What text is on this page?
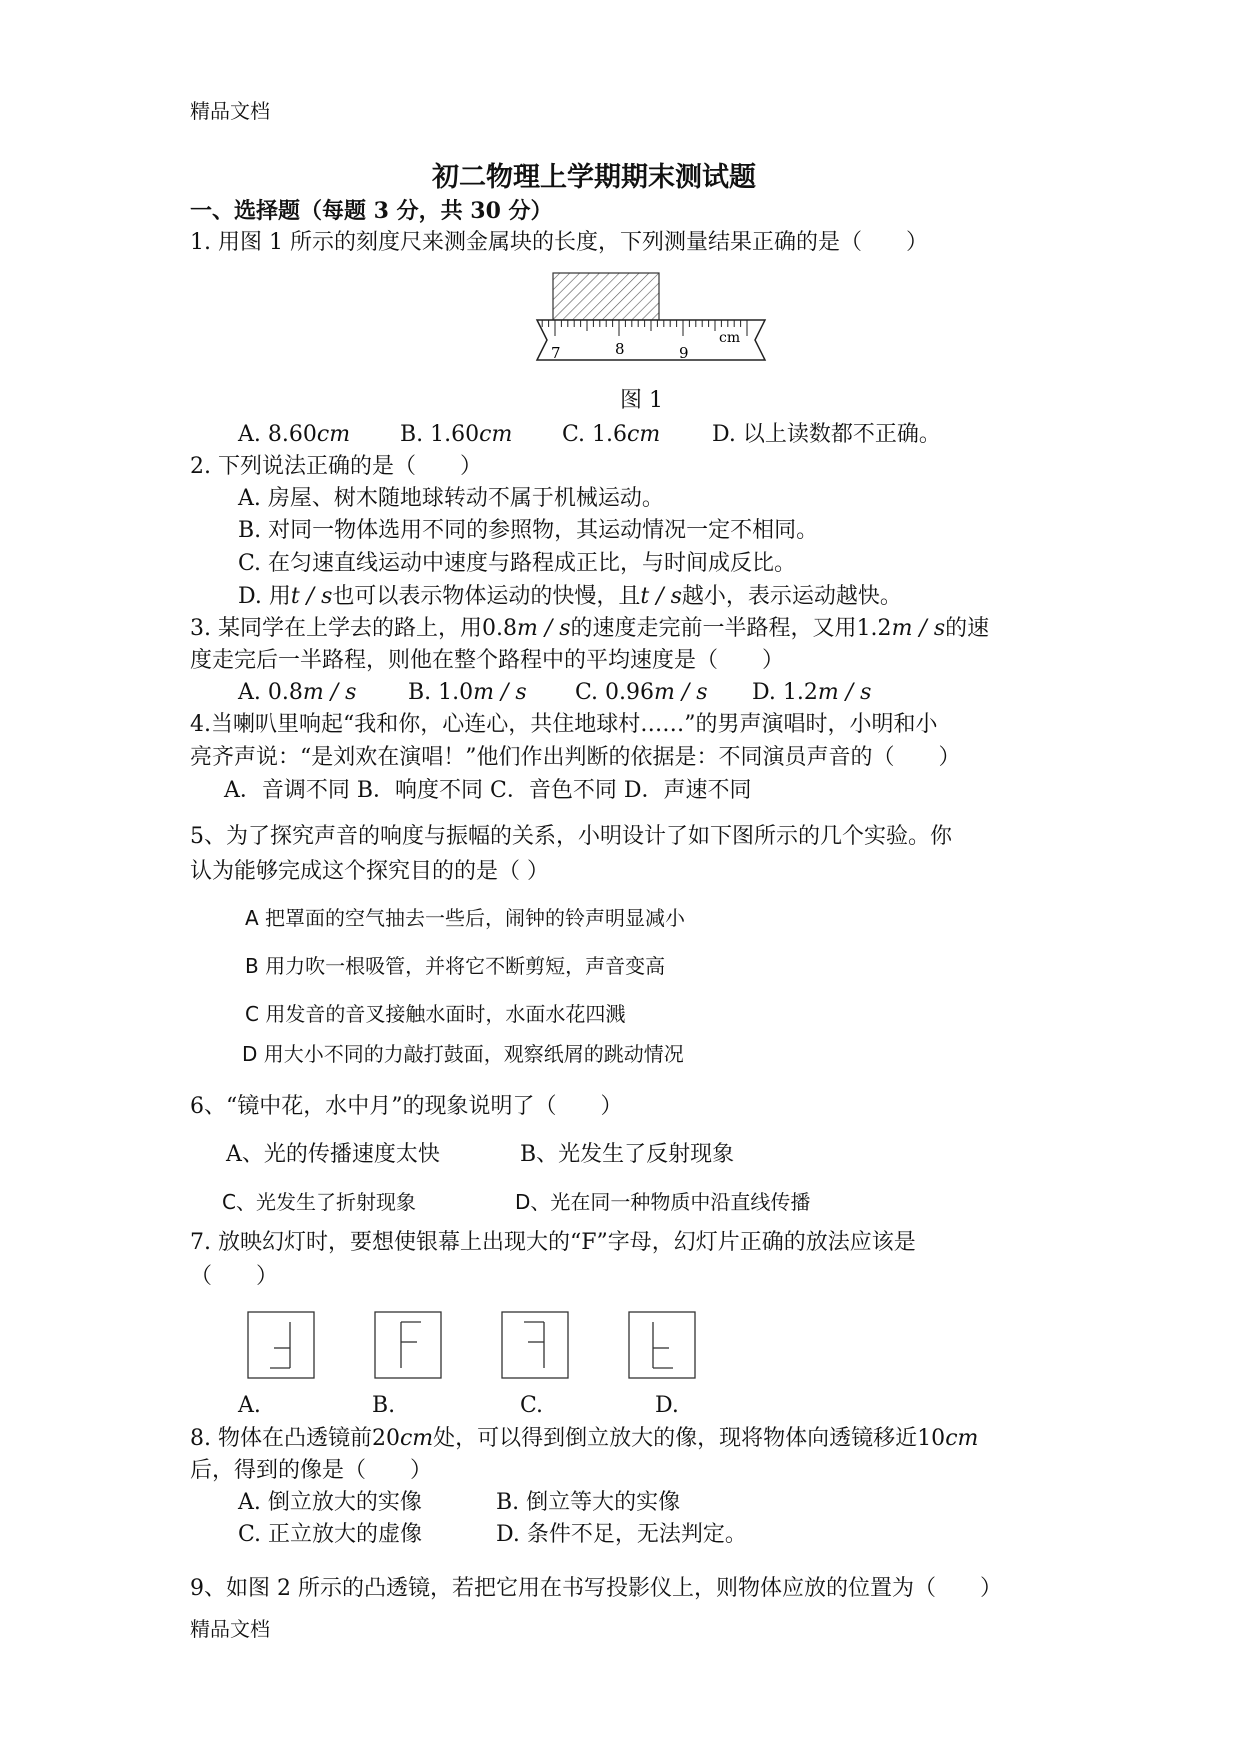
精品文档
初二物理上学期期末测试题
一、选择题（每题 3 分，共 30 分）
1. 用图 1 所示的刻度尺来测金属块的长度，下列测量结果正确的是（　　）
7	8	9
cm
图 1
A. 8.60cm B. 1.60cm C. 1.6cm D. 以上读数都不正确。
2. 下列说法正确的是（　　）
A. 房屋、树木随地球转动不属于机械运动。
B. 对同一物体选用不同的参照物，其运动情况一定不相同。
C. 在匀速直线运动中速度与路程成正比，与时间成反比。
D. 用t / s也可以表示物体运动的快慢，且t / s越小，表示运动越快。
3. 某同学在上学去的路上，用0.8m / s的速度走完前一半路程，又用1.2m / s的速
度走完后一半路程，则他在整个路程中的平均速度是（　　）
A. 0.8m / s B. 1.0m / s C. 0.96m / s D. 1.2m / s
4.当喇叭里响起“我和你，心连心，共住地球村……”的男声演唱时，小明和小
亮齐声说：“是刘欢在演唱！”他们作出判断的依据是：不同演员声音的（　　）
A．音调不同 B．响度不同 C．音色不同 D．声速不同
5、为了探究声音的响度与振幅的关系，小明设计了如下图所示的几个实验。你
认为能够完成这个探究目的的是（ ）
A 把罩面的空气抽去一些后，闹钟的铃声明显减小
B 用力吹一根吸管，并将它不断剪短，声音变高
C 用发音的音叉接触水面时，水面水花四溅
D 用大小不同的力敲打鼓面，观察纸屑的跳动情况
6、“镜中花，水中月”的现象说明了（　　）
A、光的传播速度太快	B、光发生了反射现象
C、光发生了折射现象	D、光在同一种物质中沿直线传播
7. 放映幻灯时，要想使银幕上出现大的“F”字母，幻灯片正确的放法应该是
（　　）
A.	B.	C.	D.
8. 物体在凸透镜前20cm处，可以得到倒立放大的像，现将物体向透镜移近10cm
后，得到的像是（　　）
A. 倒立放大的实像	B. 倒立等大的实像
C. 正立放大的虚像	D. 条件不足，无法判定。
9、如图 2 所示的凸透镜，若把它用在书写投影仪上，则物体应放的位置为（　　）
精品文档
